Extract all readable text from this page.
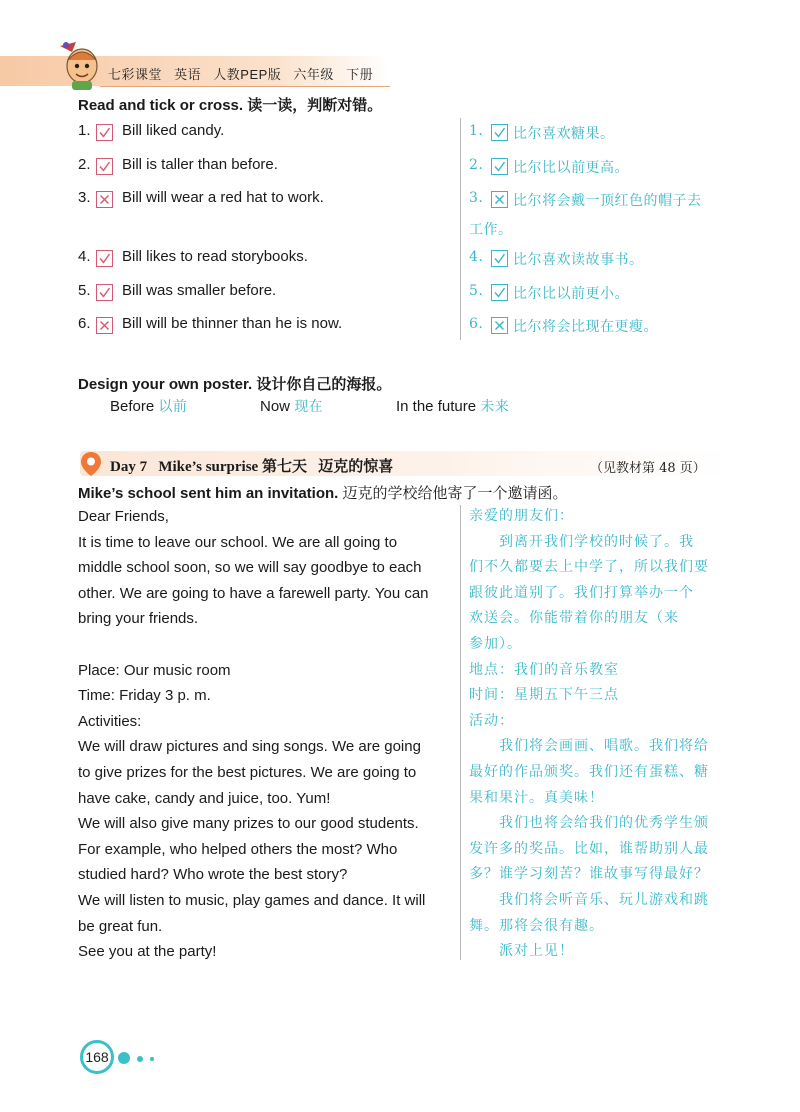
七彩课堂 英语 人教PEP版 六年级 下册
Read and tick or cross. 读一读，判断对错。
1. Bill liked candy.
2. Bill is taller than before.
3. Bill will wear a red hat to work.
4. Bill likes to read storybooks.
5. Bill was smaller before.
6. Bill will be thinner than he is now.
1. 比尔喜欢糖果。
2. 比尔比以前更高。
3. 比尔将会戴一顶红色的帽子去
工作。
4. 比尔喜欢读故事书。
5. 比尔比以前更小。
6. 比尔将会比现在更瘦。
Design your own poster. 设计你自己的海报。
Before 以前	Now 现在	In the future 未来
Day 7 Mike’s surprise 第七天 迈克的惊喜	（见教材第 48 页）
Mike’s school sent him an invitation. 迈克的学校给他寄了一个邀请函。
Dear Friends,
It is time to leave our school. We are all going to
middle school soon, so we will say goodbye to each
other. We are going to have a farewell party. You can
bring your friends.

Place: Our music room
Time: Friday 3 p. m.
Activities:
We will draw pictures and sing songs. We are going
to give prizes for the best pictures. We are going to
have cake, candy and juice, too. Yum!
We will also give many prizes to our good students.
For example, who helped others the most? Who
studied hard? Who wrote the best story?
We will listen to music, play games and dance. It will
be great fun.
See you at the party!
亲爱的朋友们：
　　到离开我们学校的时候了。我
们不久都要去上中学了，所以我们要
跟彼此道别了。我们打算举办一个
欢送会。你能带着你的朋友（来
参加）。
地点：我们的音乐教室
时间：星期五下午三点
活动：
　　我们将会画画、唱歌。我们将给
最好的作品颁奖。我们还有蛋糕、糖
果和果汁。真美味！
　　我们也将会给我们的优秀学生颁
发许多的奖品。比如，谁帮助别人最
多？谁学习刻苦？谁故事写得最好？
　　我们将会听音乐、玩儿游戏和跳
舞。那将会很有趣。
　　派对上见！
168
